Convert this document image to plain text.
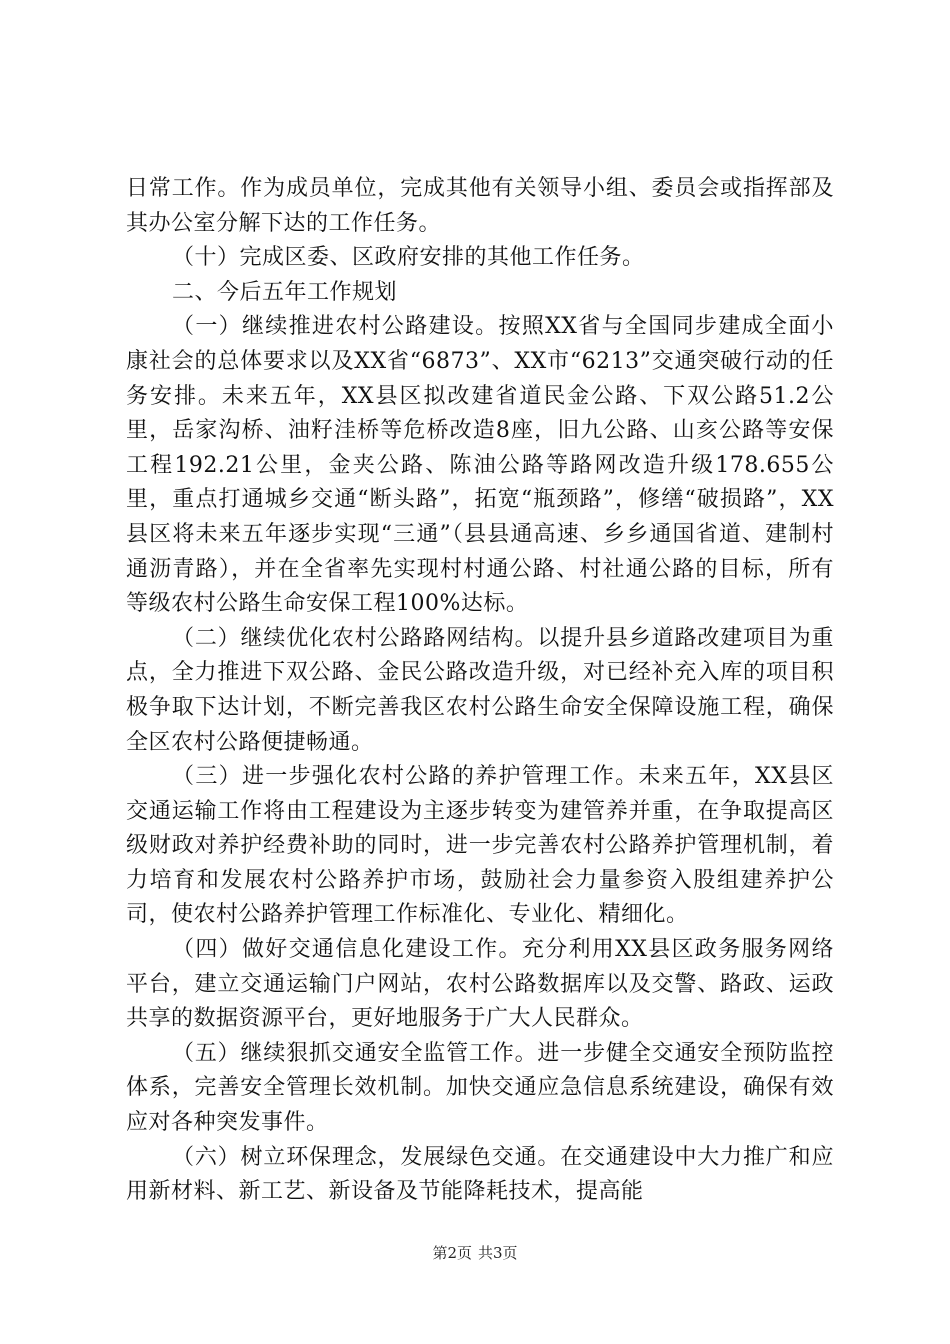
日常工作。作为成员单位，完成其他有关领导小组、委员会或指挥部及其办公室分解下达的工作任务。

（十）完成区委、区政府安排的其他工作任务。

二、今后五年工作规划

（一）继续推进农村公路建设。按照XX省与全国同步建成全面小康社会的总体要求以及XX省“6873”、XX市“6213”交通突破行动的任务安排。未来五年，XX县区拟改建省道民金公路、下双公路51.2公里，岳家沟桥、油籽洼桥等危桥改造8座，旧九公路、山亥公路等安保工程192.21公里，金夹公路、陈油公路等路网改造升级178.655公里，重点打通城乡交通“断头路”，拓宽“瓶颈路”，修缮“破损路”，XX县区将未来五年逐步实现“三通”（县县通高速、乡乡通国省道、建制村通沥青路），并在全省率先实现村村通公路、村社通公路的目标，所有等级农村公路生命安保工程100%达标。

（二）继续优化农村公路路网结构。以提升县乡道路改建项目为重点，全力推进下双公路、金民公路改造升级，对已经补充入库的项目积极争取下达计划，不断完善我区农村公路生命安全保障设施工程，确保全区农村公路便捷畅通。

（三）进一步强化农村公路的养护管理工作。未来五年，XX县区交通运输工作将由工程建设为主逐步转变为建管养并重，在争取提高区级财政对养护经费补助的同时，进一步完善农村公路养护管理机制，着力培育和发展农村公路养护市场，鼓励社会力量参资入股组建养护公司，使农村公路养护管理工作标准化、专业化、精细化。

（四）做好交通信息化建设工作。充分利用XX县区政务服务网络平台，建立交通运输门户网站，农村公路数据库以及交警、路政、运政共享的数据资源平台，更好地服务于广大人民群众。

（五）继续狠抓交通安全监管工作。进一步健全交通安全预防监控体系，完善安全管理长效机制。加快交通应急信息系统建设，确保有效应对各种突发事件。

（六）树立环保理念，发展绿色交通。在交通建设中大力推广和应用新材料、新工艺、新设备及节能降耗技术，提高能

第2页 共3页
